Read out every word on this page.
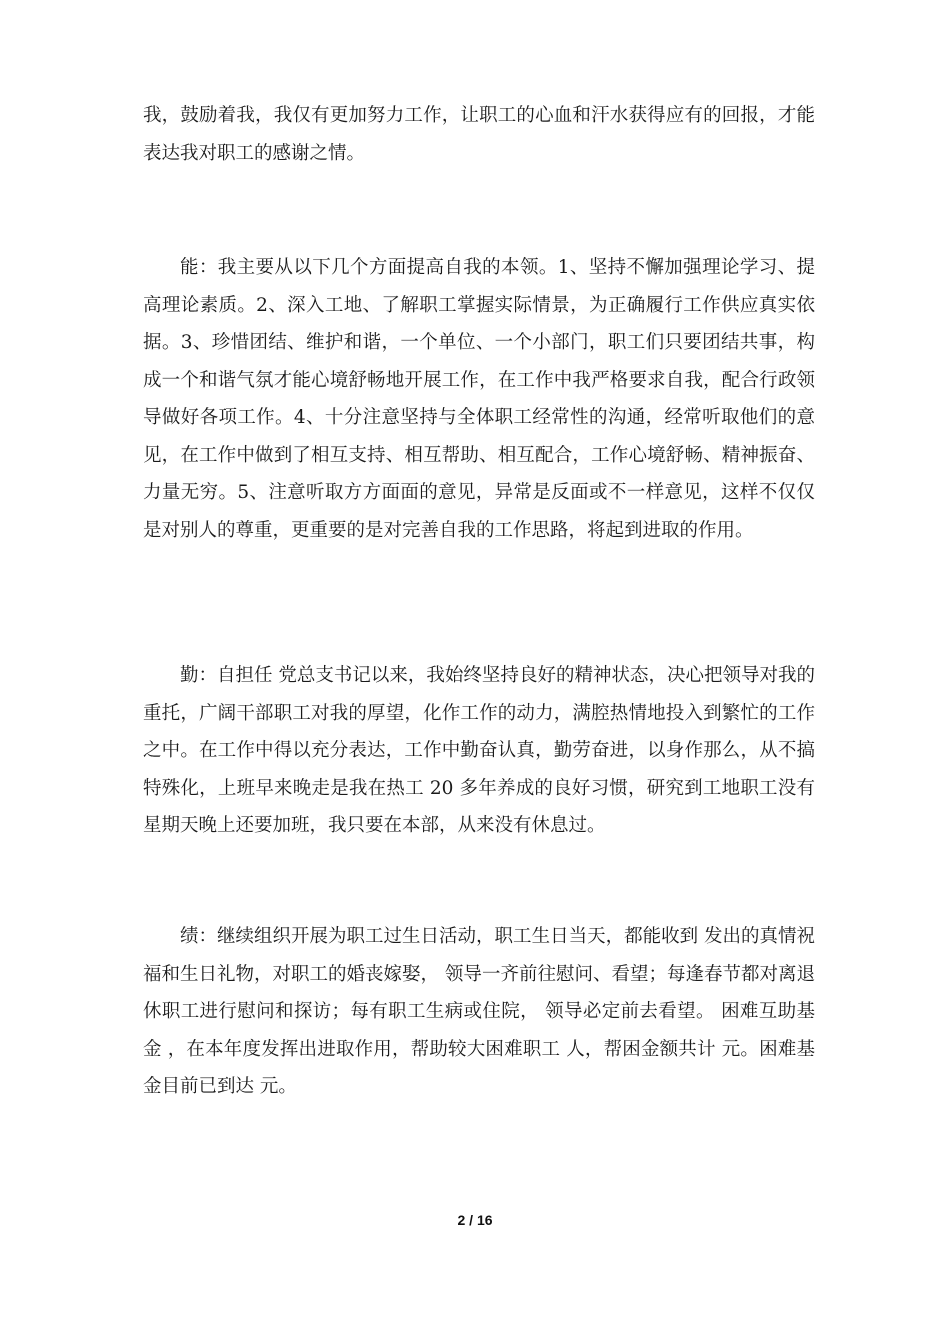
我，鼓励着我，我仅有更加努力工作，让职工的心血和汗水获得应有的回报，才能表达我对职工的感谢之情。

能：我主要从以下几个方面提高自我的本领。1、坚持不懈加强理论学习、提高理论素质。2、深入工地、了解职工掌握实际情景，为正确履行工作供应真实依据。3、珍惜团结、维护和谐，一个单位、一个小部门，职工们只要团结共事，构成一个和谐气氛才能心境舒畅地开展工作，在工作中我严格要求自我，配合行政领导做好各项工作。4、十分注意坚持与全体职工经常性的沟通，经常听取他们的意见，在工作中做到了相互支持、相互帮助、相互配合，工作心境舒畅、精神振奋、力量无穷。5、注意听取方方面面的意见，异常是反面或不一样意见，这样不仅仅是对别人的尊重，更重要的是对完善自我的工作思路，将起到进取的作用。

勤：自担任 党总支书记以来，我始终坚持良好的精神状态，决心把领导对我的重托，广阔干部职工对我的厚望，化作工作的动力，满腔热情地投入到繁忙的工作之中。在工作中得以充分表达，工作中勤奋认真，勤劳奋进，以身作那么，从不搞特殊化，上班早来晚走是我在热工 20 多年养成的良好习惯，研究到工地职工没有星期天晚上还要加班，我只要在本部，从来没有休息过。

绩：继续组织开展为职工过生日活动，职工生日当天，都能收到 发出的真情祝福和生日礼物，对职工的婚丧嫁娶， 领导一齐前往慰问、看望；每逢春节都对离退休职工进行慰问和探访；每有职工生病或住院， 领导必定前去看望。 困难互助基金 ，在本年度发挥出进取作用，帮助较大困难职工 人，帮困金额共计 元。困难基金目前已到达 元。

2 / 16
